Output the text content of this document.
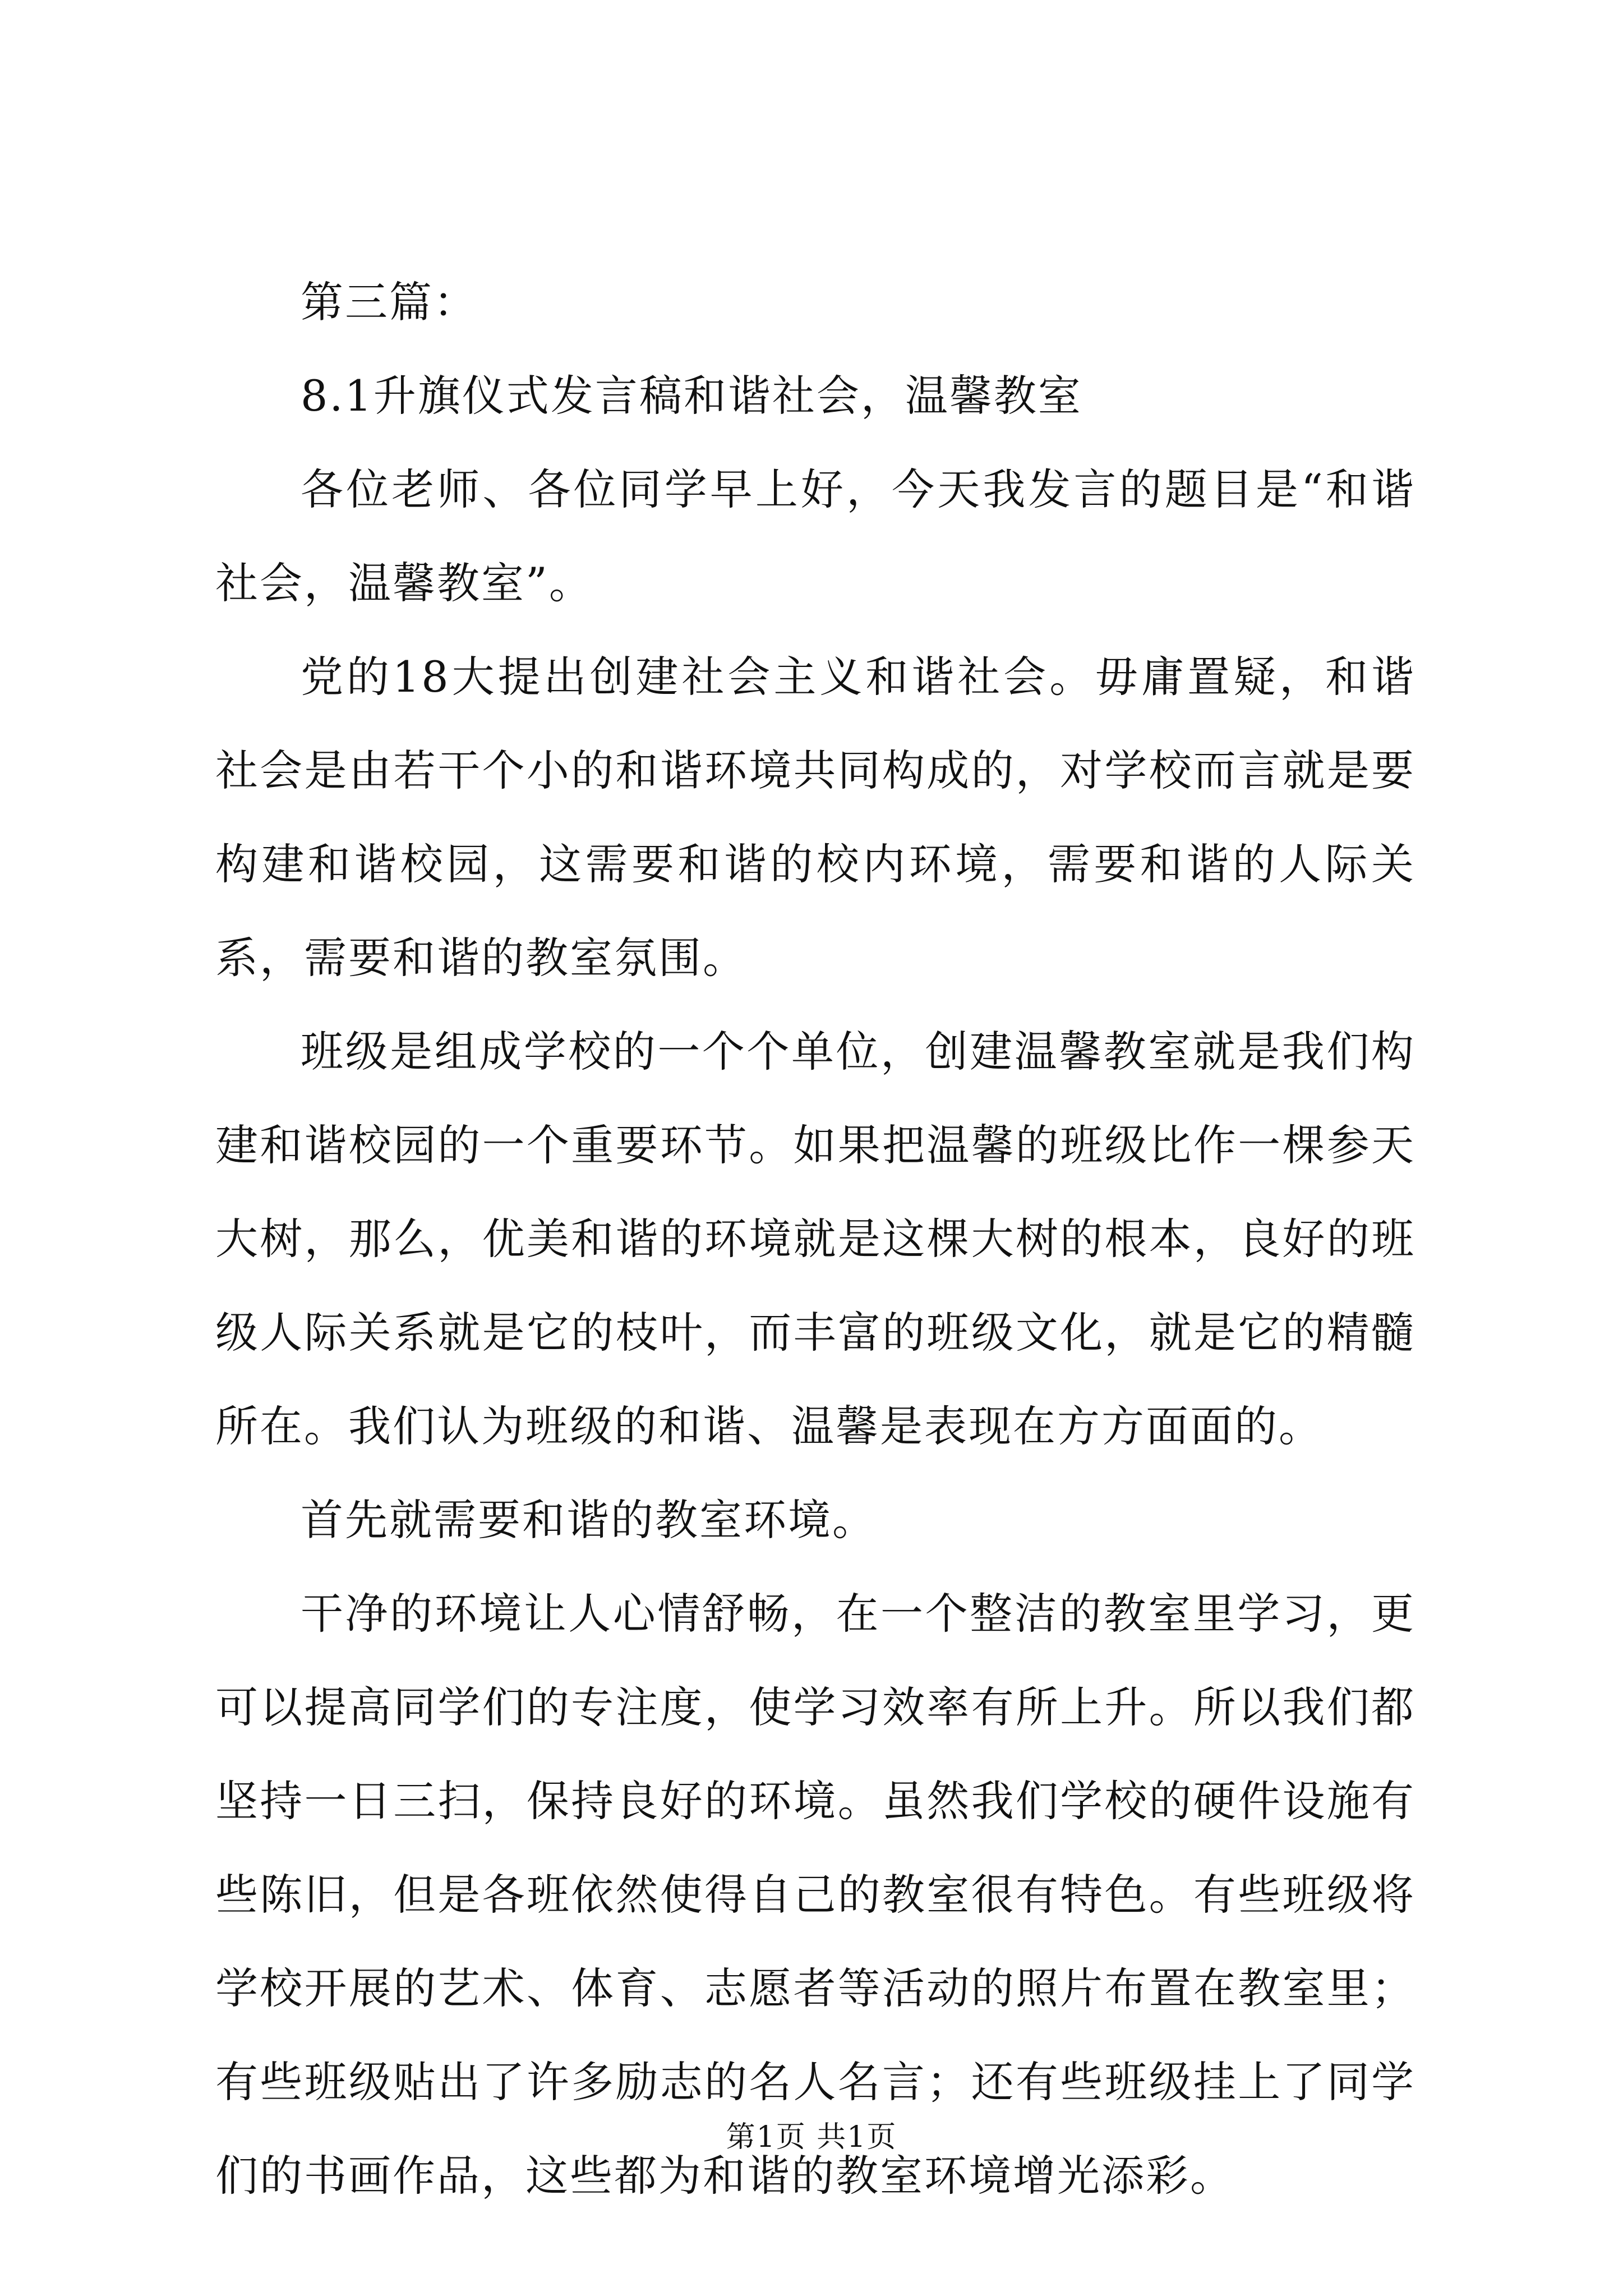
第三篇：

8.1升旗仪式发言稿和谐社会，温馨教室

各位老师、各位同学早上好，今天我发言的题目是“和谐社会，温馨教室”。

党的18大提出创建社会主义和谐社会。毋庸置疑，和谐社会是由若干个小的和谐环境共同构成的，对学校而言就是要构建和谐校园，这需要和谐的校内环境，需要和谐的人际关系，需要和谐的教室氛围。

班级是组成学校的一个个单位，创建温馨教室就是我们构建和谐校园的一个重要环节。如果把温馨的班级比作一棵参天大树，那么，优美和谐的环境就是这棵大树的根本，良好的班级人际关系就是它的枝叶，而丰富的班级文化，就是它的精髓所在。我们认为班级的和谐、温馨是表现在方方面面的。

首先就需要和谐的教室环境。

干净的环境让人心情舒畅，在一个整洁的教室里学习，更可以提高同学们的专注度，使学习效率有所上升。所以我们都坚持一日三扫，保持良好的环境。虽然我们学校的硬件设施有些陈旧，但是各班依然使得自己的教室很有特色。有些班级将学校开展的艺术、体育、志愿者等活动的照片布置在教室里；有些班级贴出了许多励志的名人名言；还有些班级挂上了同学们的书画作品，这些都为和谐的教室环境增光添彩。

第1页 共1页
